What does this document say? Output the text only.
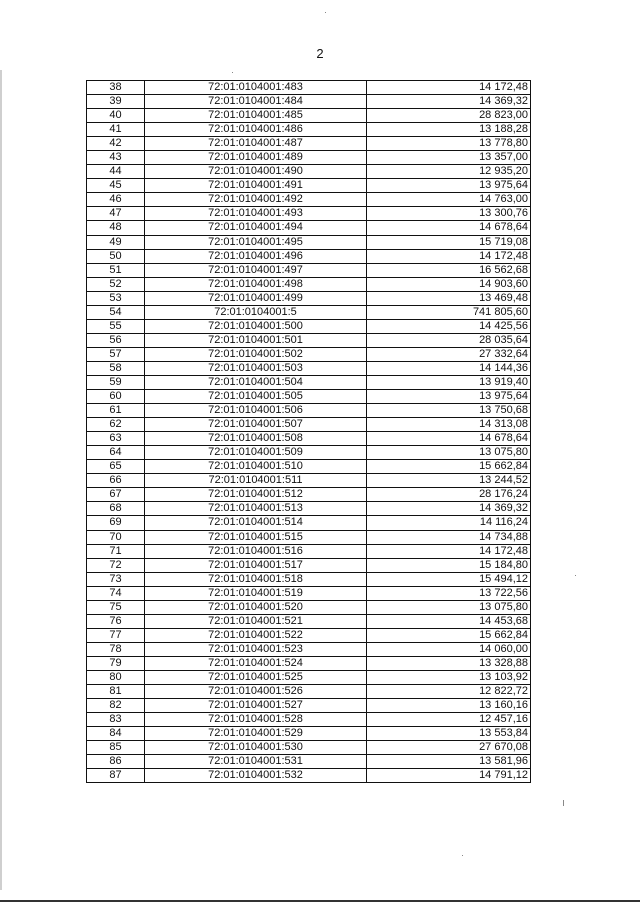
2
38	72:01:0104001:483	14 172,48
39	72:01:0104001:484	14 369,32
40	72:01:0104001:485	28 823,00
41	72:01:0104001:486	13 188,28
42	72:01:0104001:487	13 778,80
43	72:01:0104001:489	13 357,00
44	72:01:0104001:490	12 935,20
45	72:01:0104001:491	13 975,64
46	72:01:0104001:492	14 763,00
47	72:01:0104001:493	13 300,76
48	72:01:0104001:494	14 678,64
49	72:01:0104001:495	15 719,08
50	72:01:0104001:496	14 172,48
51	72:01:0104001:497	16 562,68
52	72:01:0104001:498	14 903,60
53	72:01:0104001:499	13 469,48
54	72:01:0104001:5	741 805,60
55	72:01:0104001:500	14 425,56
56	72:01:0104001:501	28 035,64
57	72:01:0104001:502	27 332,64
58	72:01:0104001:503	14 144,36
59	72:01:0104001:504	13 919,40
60	72:01:0104001:505	13 975,64
61	72:01:0104001:506	13 750,68
62	72:01:0104001:507	14 313,08
63	72:01:0104001:508	14 678,64
64	72:01:0104001:509	13 075,80
65	72:01:0104001:510	15 662,84
66	72:01:0104001:511	13 244,52
67	72:01:0104001:512	28 176,24
68	72:01:0104001:513	14 369,32
69	72:01:0104001:514	14 116,24
70	72:01:0104001:515	14 734,88
71	72:01:0104001:516	14 172,48
72	72:01:0104001:517	15 184,80
73	72:01:0104001:518	15 494,12
74	72:01:0104001:519	13 722,56
75	72:01:0104001:520	13 075,80
76	72:01:0104001:521	14 453,68
77	72:01:0104001:522	15 662,84
78	72:01:0104001:523	14 060,00
79	72:01:0104001:524	13 328,88
80	72:01:0104001:525	13 103,92
81	72:01:0104001:526	12 822,72
82	72:01:0104001:527	13 160,16
83	72:01:0104001:528	12 457,16
84	72:01:0104001:529	13 553,84
85	72:01:0104001:530	27 670,08
86	72:01:0104001:531	13 581,96
87	72:01:0104001:532	14 791,12
